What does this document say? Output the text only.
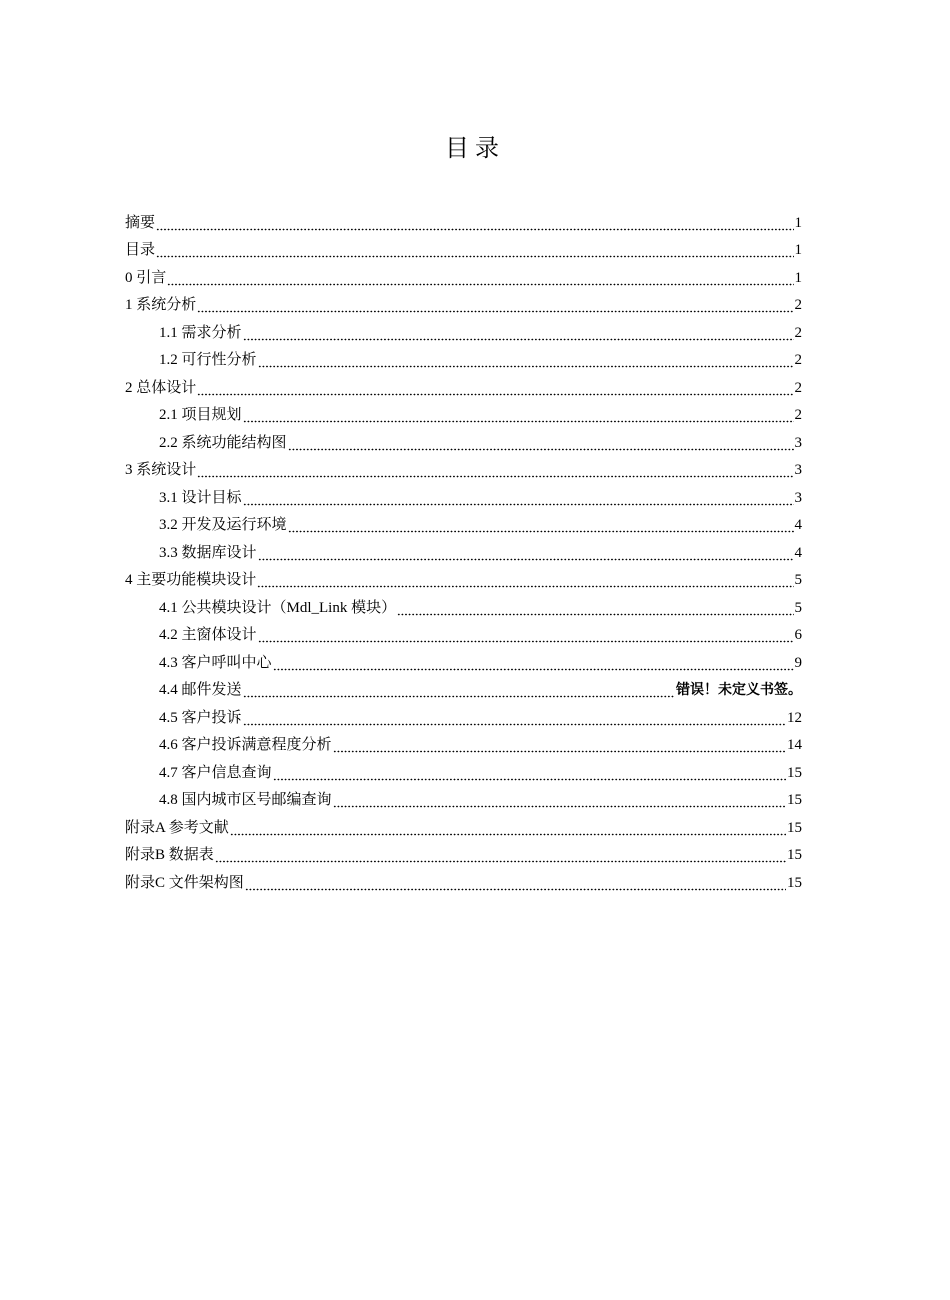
目录
摘要	1
目录	1
0 引言	1
1 系统分析	2
1.1 需求分析	2
1.2 可行性分析	2
2 总体设计	2
2.1 项目规划	2
2.2 系统功能结构图	3
3 系统设计	3
3.1 设计目标	3
3.2 开发及运行环境	4
3.3 数据库设计	4
4 主要功能模块设计	5
4.1 公共模块设计（Mdl_Link 模块）	5
4.2 主窗体设计	6
4.3 客户呼叫中心	9
4.4 邮件发送	错误！未定义书签。
4.5 客户投诉	12
4.6 客户投诉满意程度分析	14
4.7 客户信息查询	15
4.8 国内城市区号邮编查询	15
附录A 参考文献	15
附录B 数据表	15
附录C 文件架构图	15
